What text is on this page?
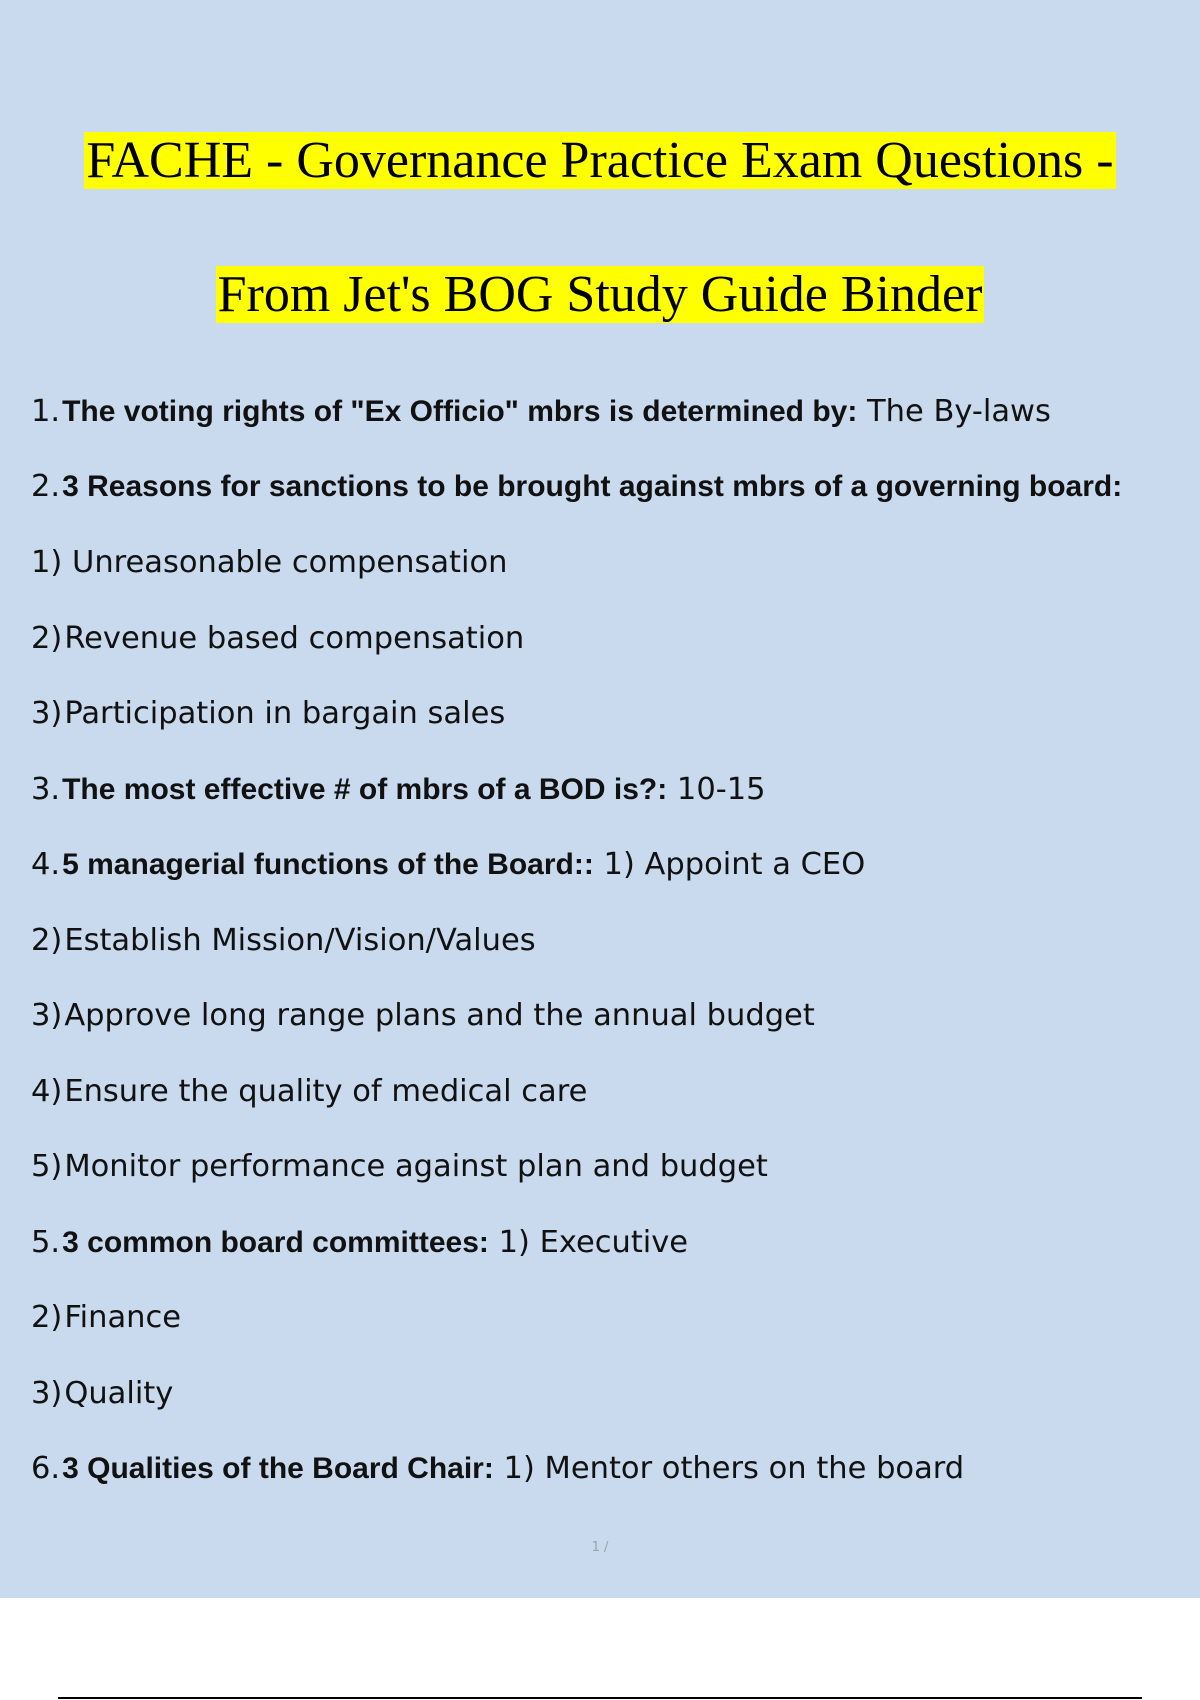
FACHE - Governance Practice Exam Questions -
From Jet's BOG Study Guide Binder
1.The voting rights of "Ex Officio" mbrs is determined by: The By-laws
2.3 Reasons for sanctions to be brought against mbrs of a governing board:
1) Unreasonable compensation
2)Revenue based compensation
3)Participation in bargain sales
3.The most effective # of mbrs of a BOD is?: 10-15
4.5 managerial functions of the Board:: 1) Appoint a CEO
2)Establish Mission/Vision/Values
3)Approve long range plans and the annual budget
4)Ensure the quality of medical care
5)Monitor performance against plan and budget
5.3 common board committees: 1) Executive
2)Finance
3)Quality
6.3 Qualities of the Board Chair: 1) Mentor others on the board
1 /
